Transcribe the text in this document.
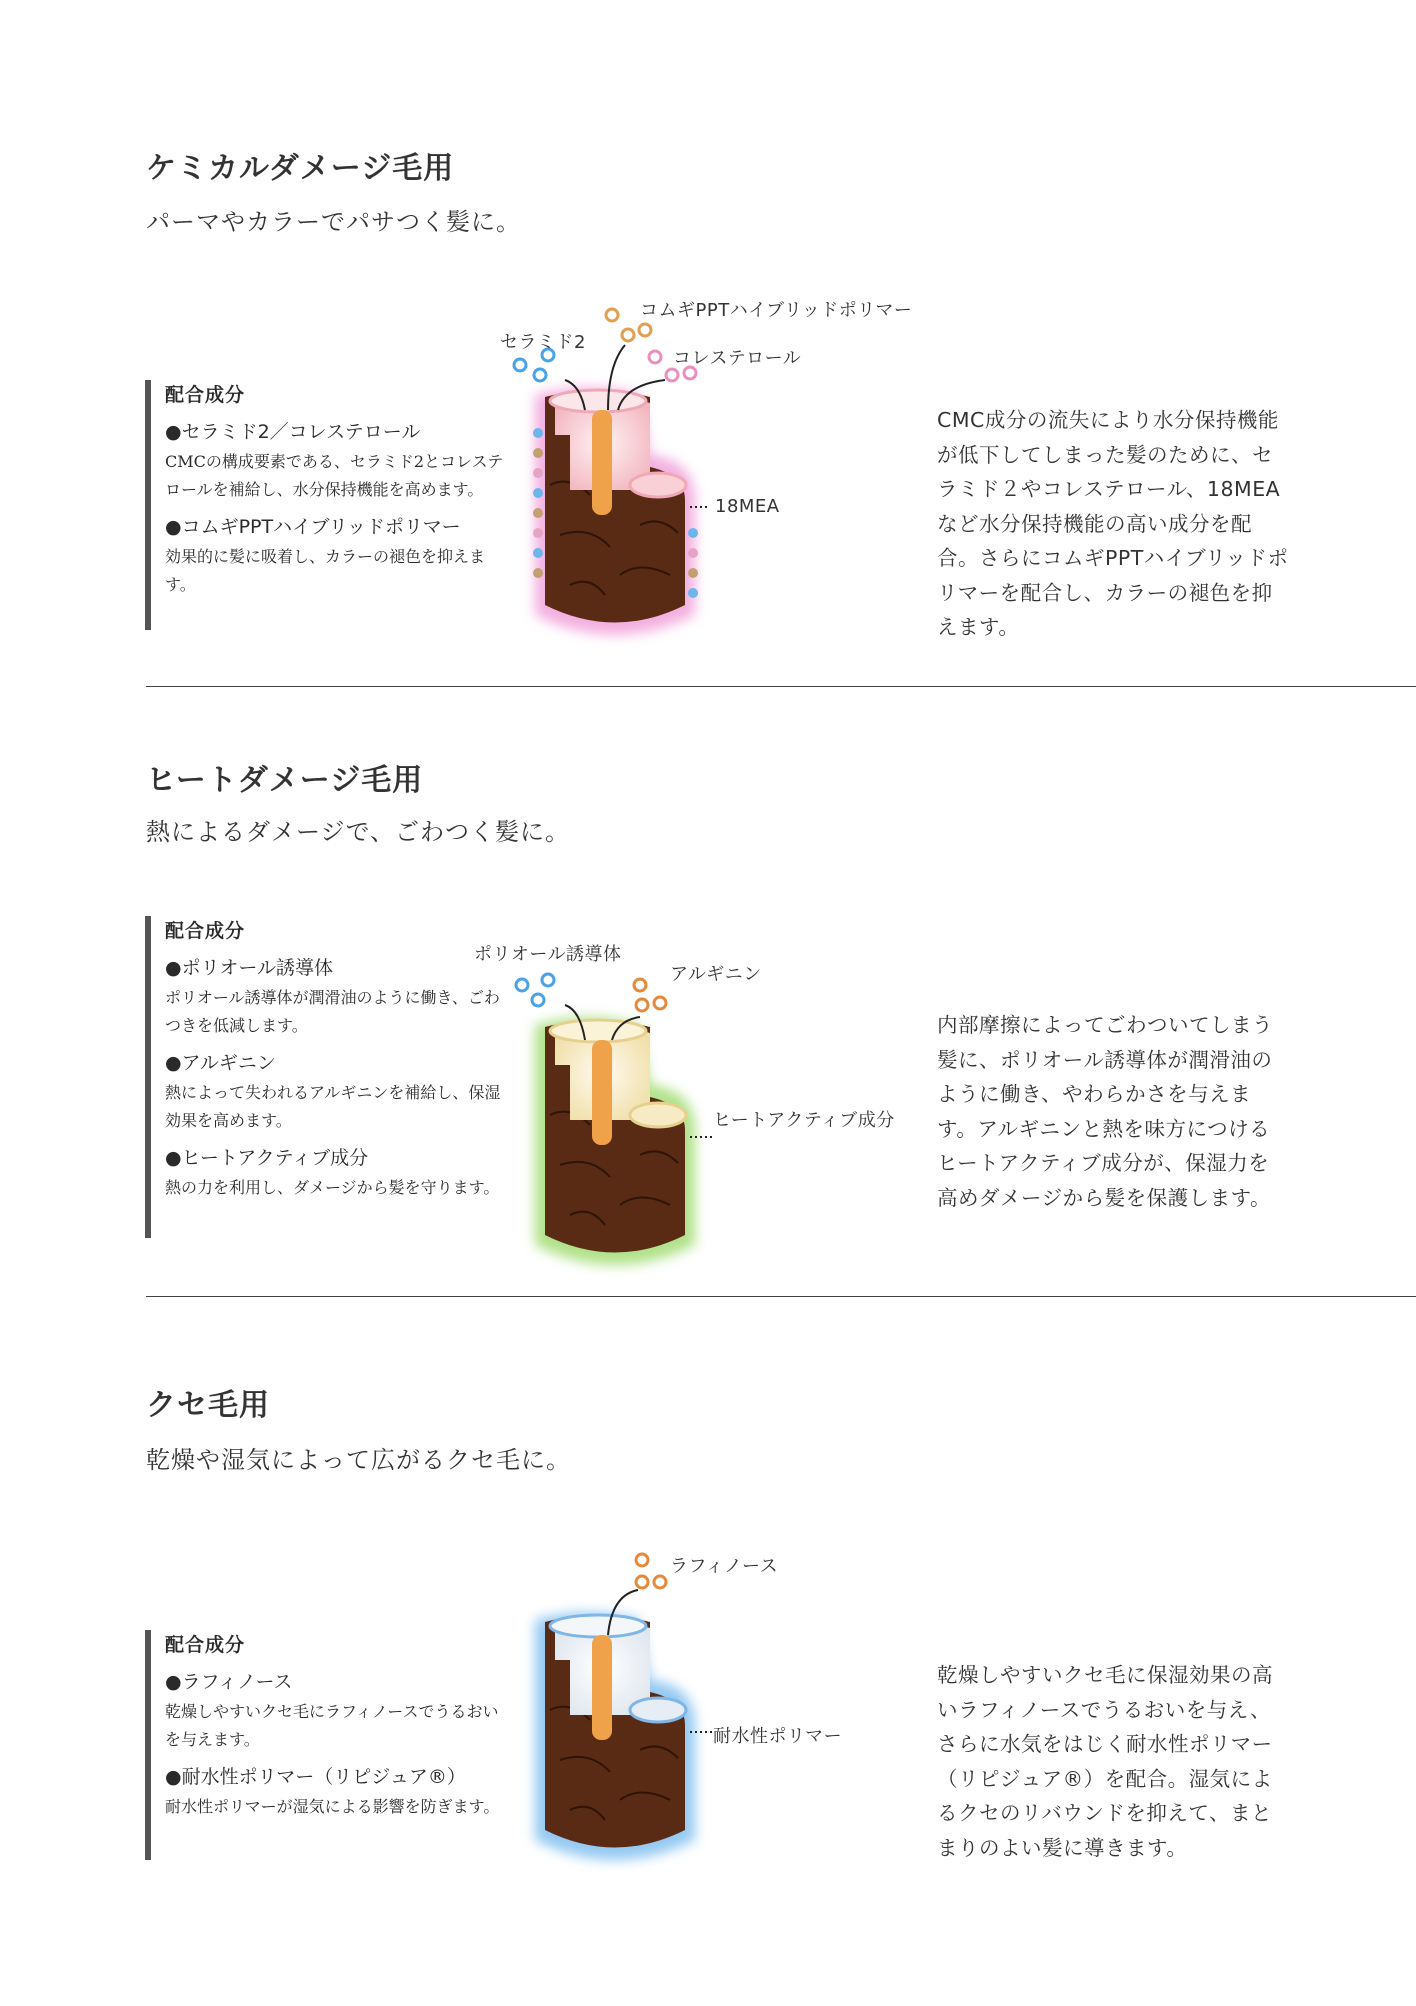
ケミカルダメージ毛用
パーマやカラーでパサつく髪に。
配合成分
●セラミド2／コレステロール
CMCの構成要素である、セラミド2とコレステロールを補給し、水分保持機能を高めます。
●コムギPPTハイブリッドポリマー
効果的に髪に吸着し、カラーの褪色を抑えます。
コムギPPTハイブリッドポリマー
セラミド2
コレステロール
18MEA
CMC成分の流失により水分保持機能が低下してしまった髪のために、セラミド２やコレステロール、18MEA など水分保持機能の高い成分を配合。さらにコムギPPTハイブリッドポリマーを配合し、カラーの褪色を抑えます。
ヒートダメージ毛用
熱によるダメージで、ごわつく髪に。
配合成分
●ポリオール誘導体
ポリオール誘導体が潤滑油のように働き、ごわつきを低減します。
●アルギニン
熱によって失われるアルギニンを補給し、保湿効果を高めます。
●ヒートアクティブ成分
熱の力を利用し、ダメージから髪を守ります。
ポリオール誘導体
アルギニン
ヒートアクティブ成分
内部摩擦によってごわついてしまう髪に、ポリオール誘導体が潤滑油のように働き、やわらかさを与えます。アルギニンと熱を味方につけるヒートアクティブ成分が、保湿力を高めダメージから髪を保護します。
クセ毛用
乾燥や湿気によって広がるクセ毛に。
配合成分
●ラフィノース
乾燥しやすいクセ毛にラフィノースでうるおいを与えます。
●耐水性ポリマー（リピジュア®）
耐水性ポリマーが湿気による影響を防ぎます。
ラフィノース
耐水性ポリマー
乾燥しやすいクセ毛に保湿効果の高いラフィノースでうるおいを与え、さらに水気をはじく耐水性ポリマー（リピジュア®）を配合。湿気によるクセのリバウンドを抑えて、まとまりのよい髪に導きます。
